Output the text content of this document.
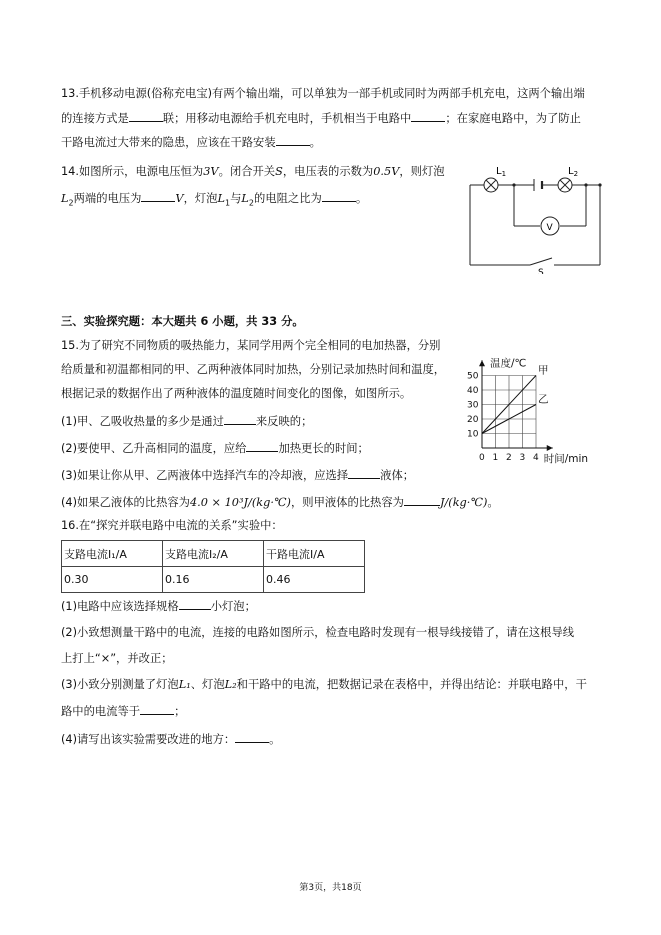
13.手机移动电源(俗称充电宝)有两个输出端，可以单独为一部手机或同时为两部手机充电，这两个输出端
的连接方式是	联；用移动电源给手机充电时，手机相当于电路中	；在家庭电路中，为了防止
干路电流过大带来的隐患，应该在干路安装	。
14.如图所示，电源电压恒为3V。闭合开关S，电压表的示数为0.5V，则灯泡
$L_2$两端的电压为	V，灯泡$L_1$与$L_2$的电阻之比为	。
$L_1$	$L_2$
V
S
三、实验探究题：本大题共 6 小题，共 33 分。
15.为了研究不同物质的吸热能力，某同学用两个完全相同的电加热器，分别
给质量和初温都相同的甲、乙两种液体同时加热，分别记录加热时间和温度，
根据记录的数据作出了两种液体的温度随时间变化的图像，如图所示。
(1)甲、乙吸收热量的多少是通过	来反映的；
(2)要使甲、乙升高相同的温度，应给	加热更长的时间；
(3)如果让你从甲、乙两液体中选择汽车的冷却液，应选择	液体；
(4)如果乙液体的比热容为4.0 × 10³J/(kg·℃)，则甲液体的比热容为	J/(kg·℃)。
0 1 2 3 4
10
20
30
40
50
温度/℃
时间/min
甲
乙
16.在“探究并联电路中电流的关系”实验中：
支路电流I₁/A	支路电流I₂/A	干路电流I/A
0.30	0.16	0.46
(1)电路中应该选择规格	小灯泡；
(2)小致想测量干路中的电流，连接的电路如图所示，检查电路时发现有一根导线接错了，请在这根导线
上打上“×”，并改正；
(3)小致分别测量了灯泡L₁、灯泡L₂和干路中的电流，把数据记录在表格中，并得出结论：并联电路中，干
路中的电流等于	；
(4)请写出该实验需要改进的地方：	。
第3页，共18页
